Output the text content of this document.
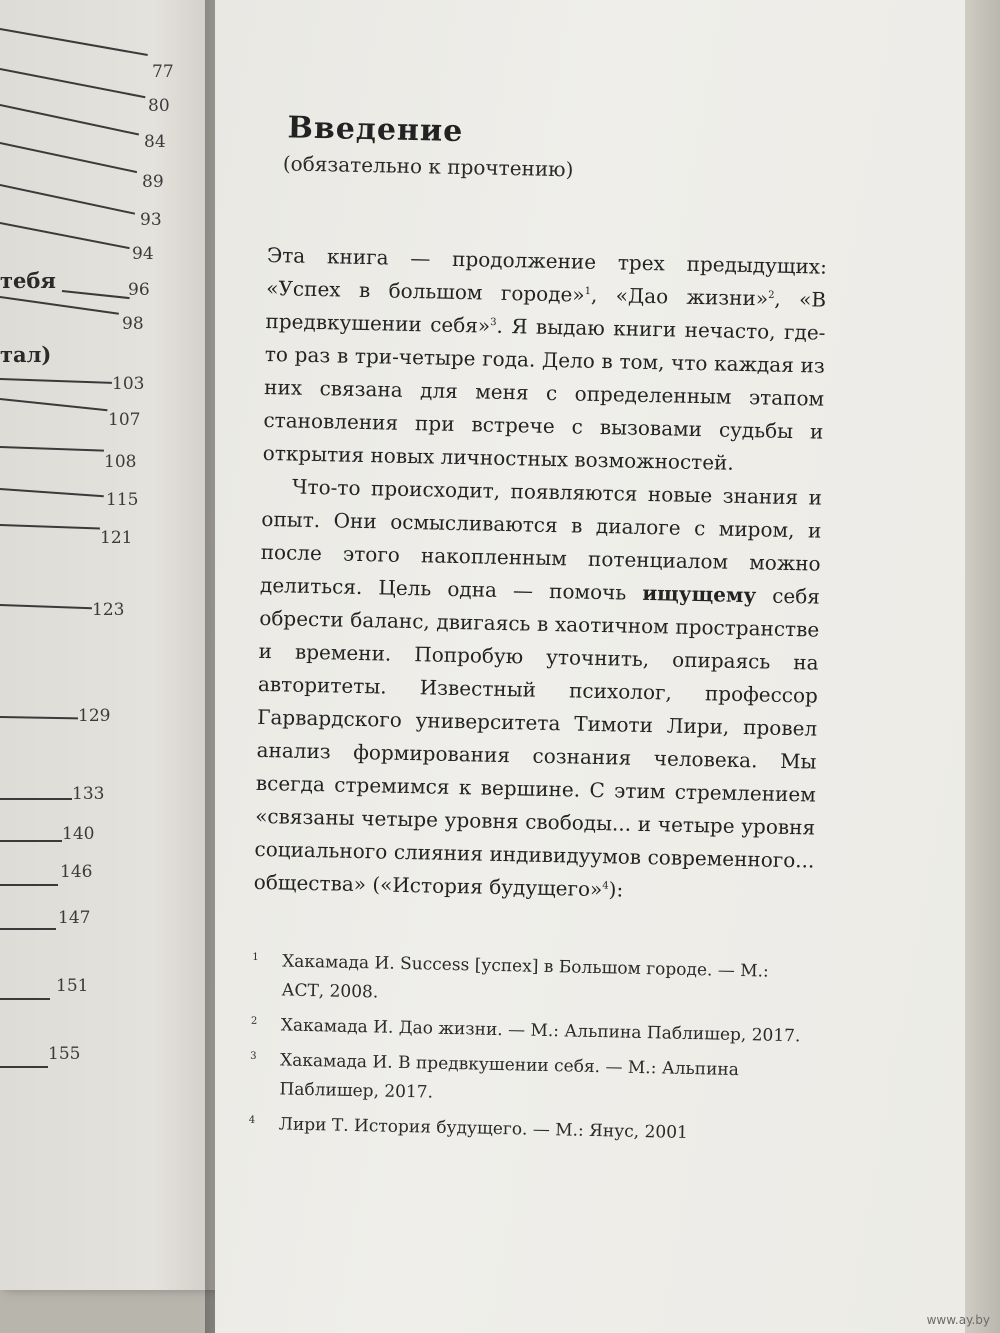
тебя
тал)
77
80
84
89
93
94
96
98
103
107
108
115
121
123
129
133
140
146
147
151
155
Введение
(обязательно к прочтению)

Эта книга — продолжение трех предыдущих: «Успех в большом городе»$^1$, «Дао жизни»$^2$, «В предвкушении себя»$^3$. Я выдаю книги нечасто, где-то раз в три-четыре года. Дело в том, что каждая из них связана для меня с определенным этапом становления при встрече с вызовами судьбы и открытия новых личностных возможностей.

Что-то происходит, появляются новые знания и опыт. Они осмысливаются в диалоге с миром, и после этого накопленным потенциалом можно делиться. Цель одна — помочь ищущему себя обрести баланс, двигаясь в хаотичном пространстве и времени. Попробую уточнить, опираясь на авторитеты. Известный психолог, профессор Гарвардского университета Тимоти Лири, провел анализ формирования сознания человека. Мы всегда стремимся к вершине. С этим стремлением «связаны четыре уровня свободы... и четыре уровня социального слияния индивидуумов современного... общества» («История будущего»$^4$):

1 Хакамада И. Success [успех] в Большом городе. — М.: АСТ, 2008.

2 Хакамада И. Дао жизни. — М.: Альпина Паблишер, 2017.

3 Хакамада И. В предвкушении себя. — М.: Альпина Паблишер, 2017.

4 Лири Т. История будущего. — М.: Янус, 2001

www.ay.by
